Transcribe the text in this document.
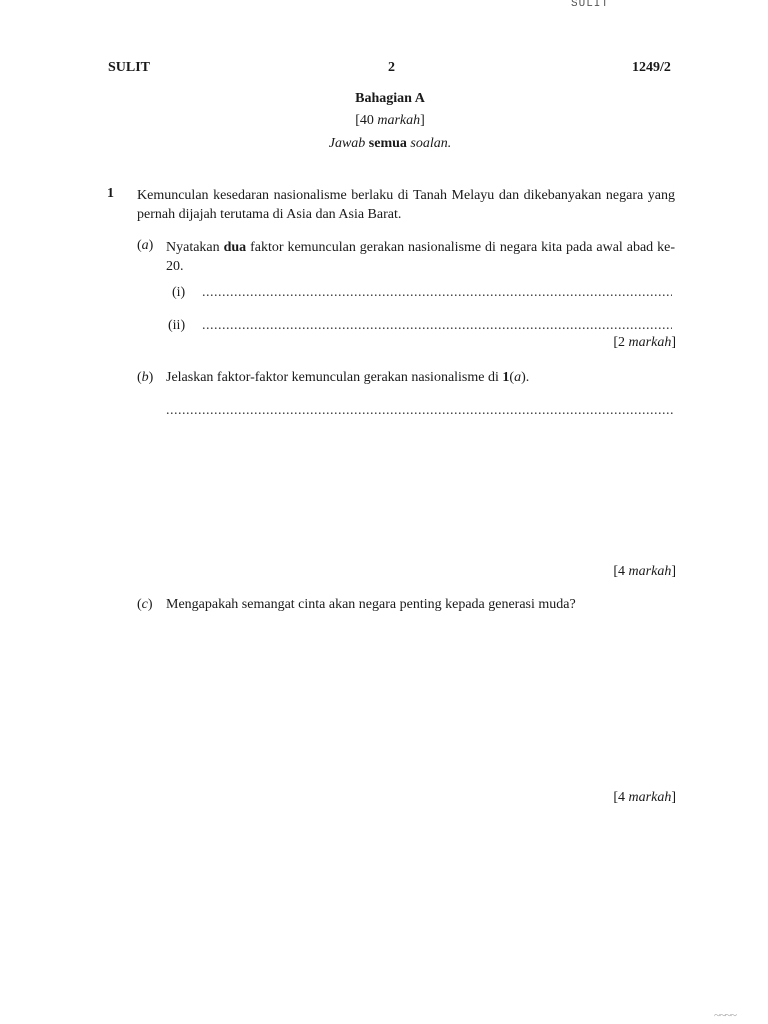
SULIT
SULIT	2	1249/2
Bahagian A
[40 markah]
Jawab semua soalan.
1 Kemunculan kesedaran nasionalisme berlaku di Tanah Melayu dan dikebanyakan negara yang pernah dijajah terutama di Asia dan Asia Barat.
(a) Nyatakan dua faktor kemunculan gerakan nasionalisme di negara kita pada awal abad ke-20.
(i)
.....
(ii)
.....
[2 markah]
(b) Jelaskan faktor-faktor kemunculan gerakan nasionalisme di 1(a).
.....
[4 markah]
(c) Mengapakah semangat cinta akan negara penting kepada generasi muda?
[4 markah]
~~~~
